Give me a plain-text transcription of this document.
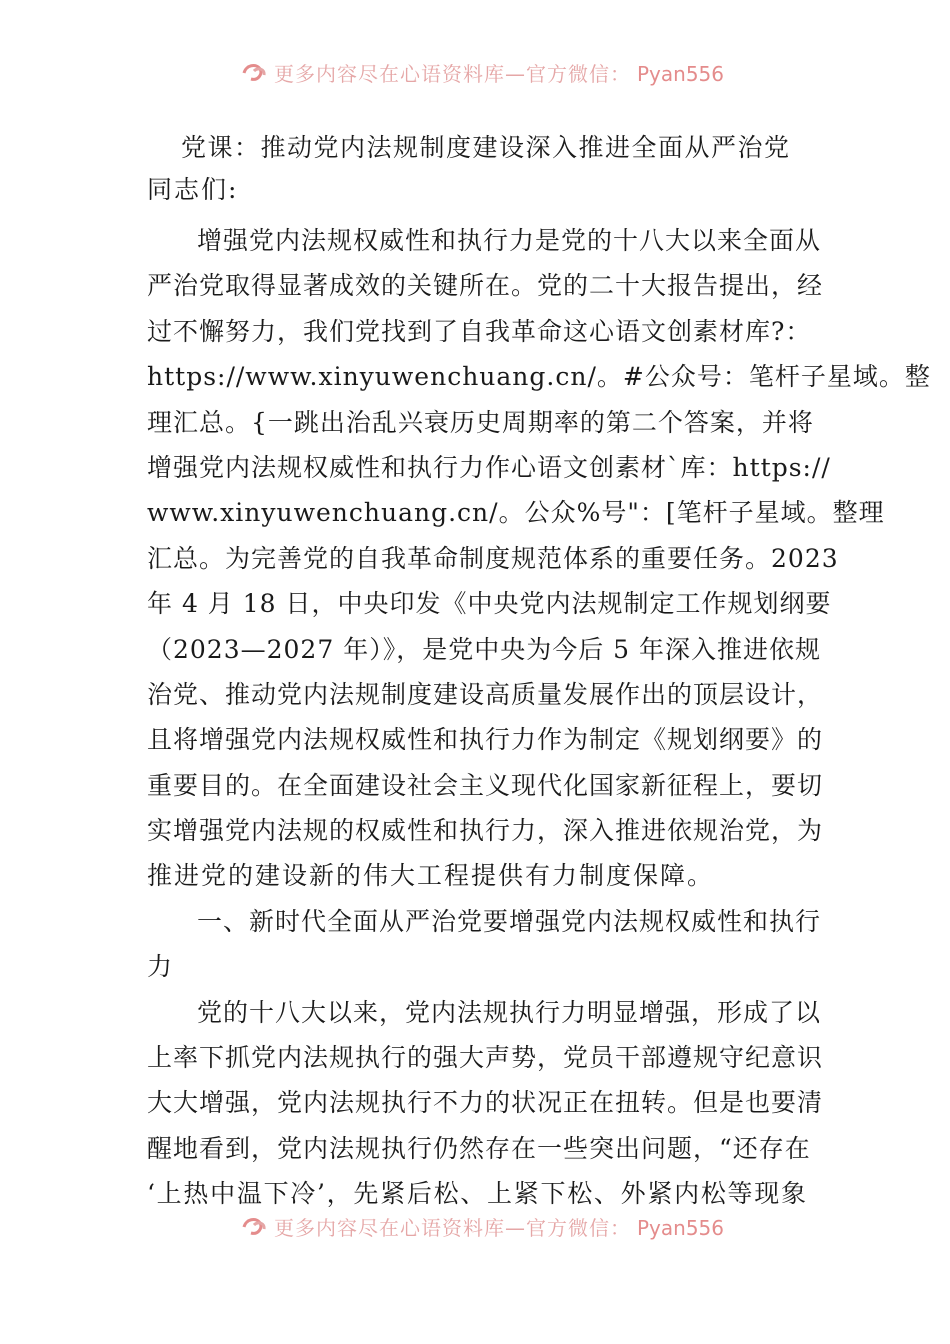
更多内容尽在心语资料库—官方微信： Pyan556
党课：推动党内法规制度建设深入推进全面从严治党
同志们:
增强党内法规权威性和执行力是党的十八大以来全面从
严治党取得显著成效的关键所在。党的二十大报告提出，经
过不懈努力，我们党找到了自我革命这心语文创素材库?：
https://www.xinyuwenchuang.cn/。#公众号：笔杆子星域。整
理汇总。{一跳出治乱兴衰历史周期率的第二个答案，并将
增强党内法规权威性和执行力作心语文创素材`库：https://
www.xinyuwenchuang.cn/。公众%号"：[笔杆子星域。整理
汇总。为完善党的自我革命制度规范体系的重要任务。2023
年 4 月 18 日，中央印发《中央党内法规制定工作规划纲要
（2023—2027 年）》，是党中央为今后 5 年深入推进依规
治党、推动党内法规制度建设高质量发展作出的顶层设计，
且将增强党内法规权威性和执行力作为制定《规划纲要》的
重要目的。在全面建设社会主义现代化国家新征程上，要切
实增强党内法规的权威性和执行力，深入推进依规治党，为
推进党的建设新的伟大工程提供有力制度保障。
一、新时代全面从严治党要增强党内法规权威性和执行
力
党的十八大以来，党内法规执行力明显增强，形成了以
上率下抓党内法规执行的强大声势，党员干部遵规守纪意识
大大增强，党内法规执行不力的状况正在扭转。但是也要清
醒地看到，党内法规执行仍然存在一些突出问题，“还存在
‘上热中温下冷’，先紧后松、上紧下松、外紧内松等现象
更多内容尽在心语资料库—官方微信： Pyan556
